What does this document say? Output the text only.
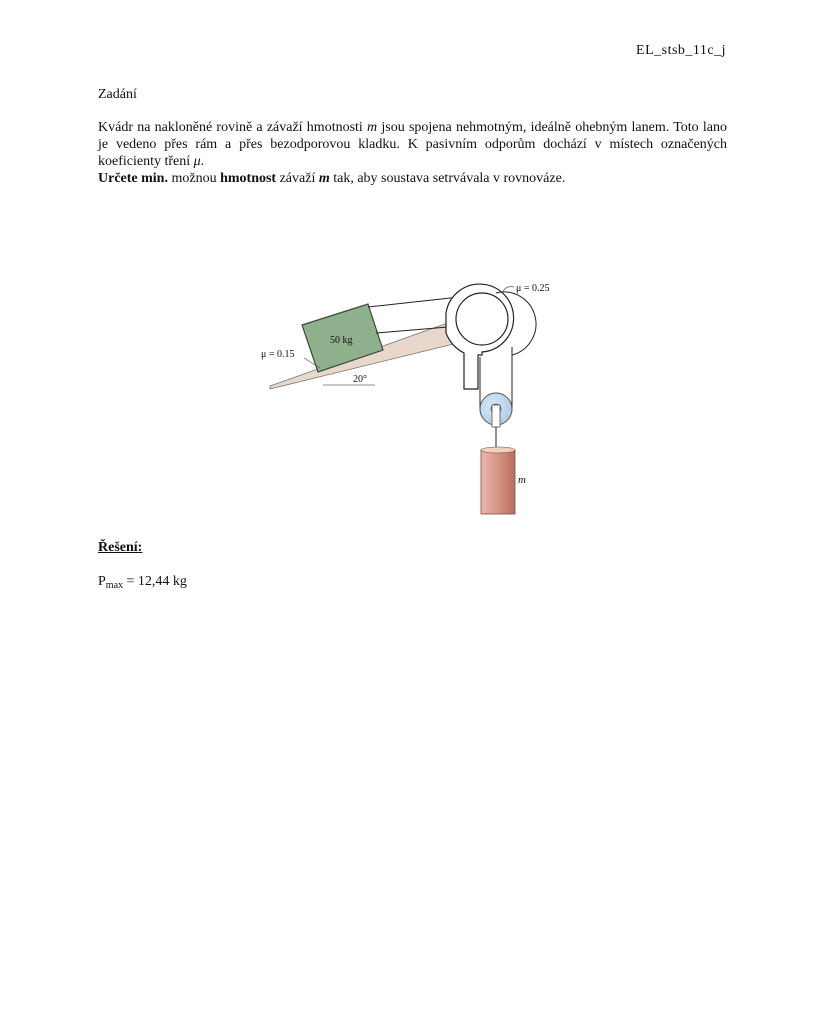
EL_stsb_11c_j
Zadání

Kvádr na nakloněné rovině a závaží hmotnosti m jsou spojena nehmotným, ideálně ohebným lanem. Toto lano je vedeno přes rám a přes bezodporovou kladku. K pasivním odporům dochází v místech označených koeficienty tření μ.

Určete min. možnou hmotnost závaží m tak, aby soustava setrvávala v rovnováze.

50 kg
m
μ = 0.15
μ = 0.25
20°
Řešení:
$P_{max} = 12,44$ kg
